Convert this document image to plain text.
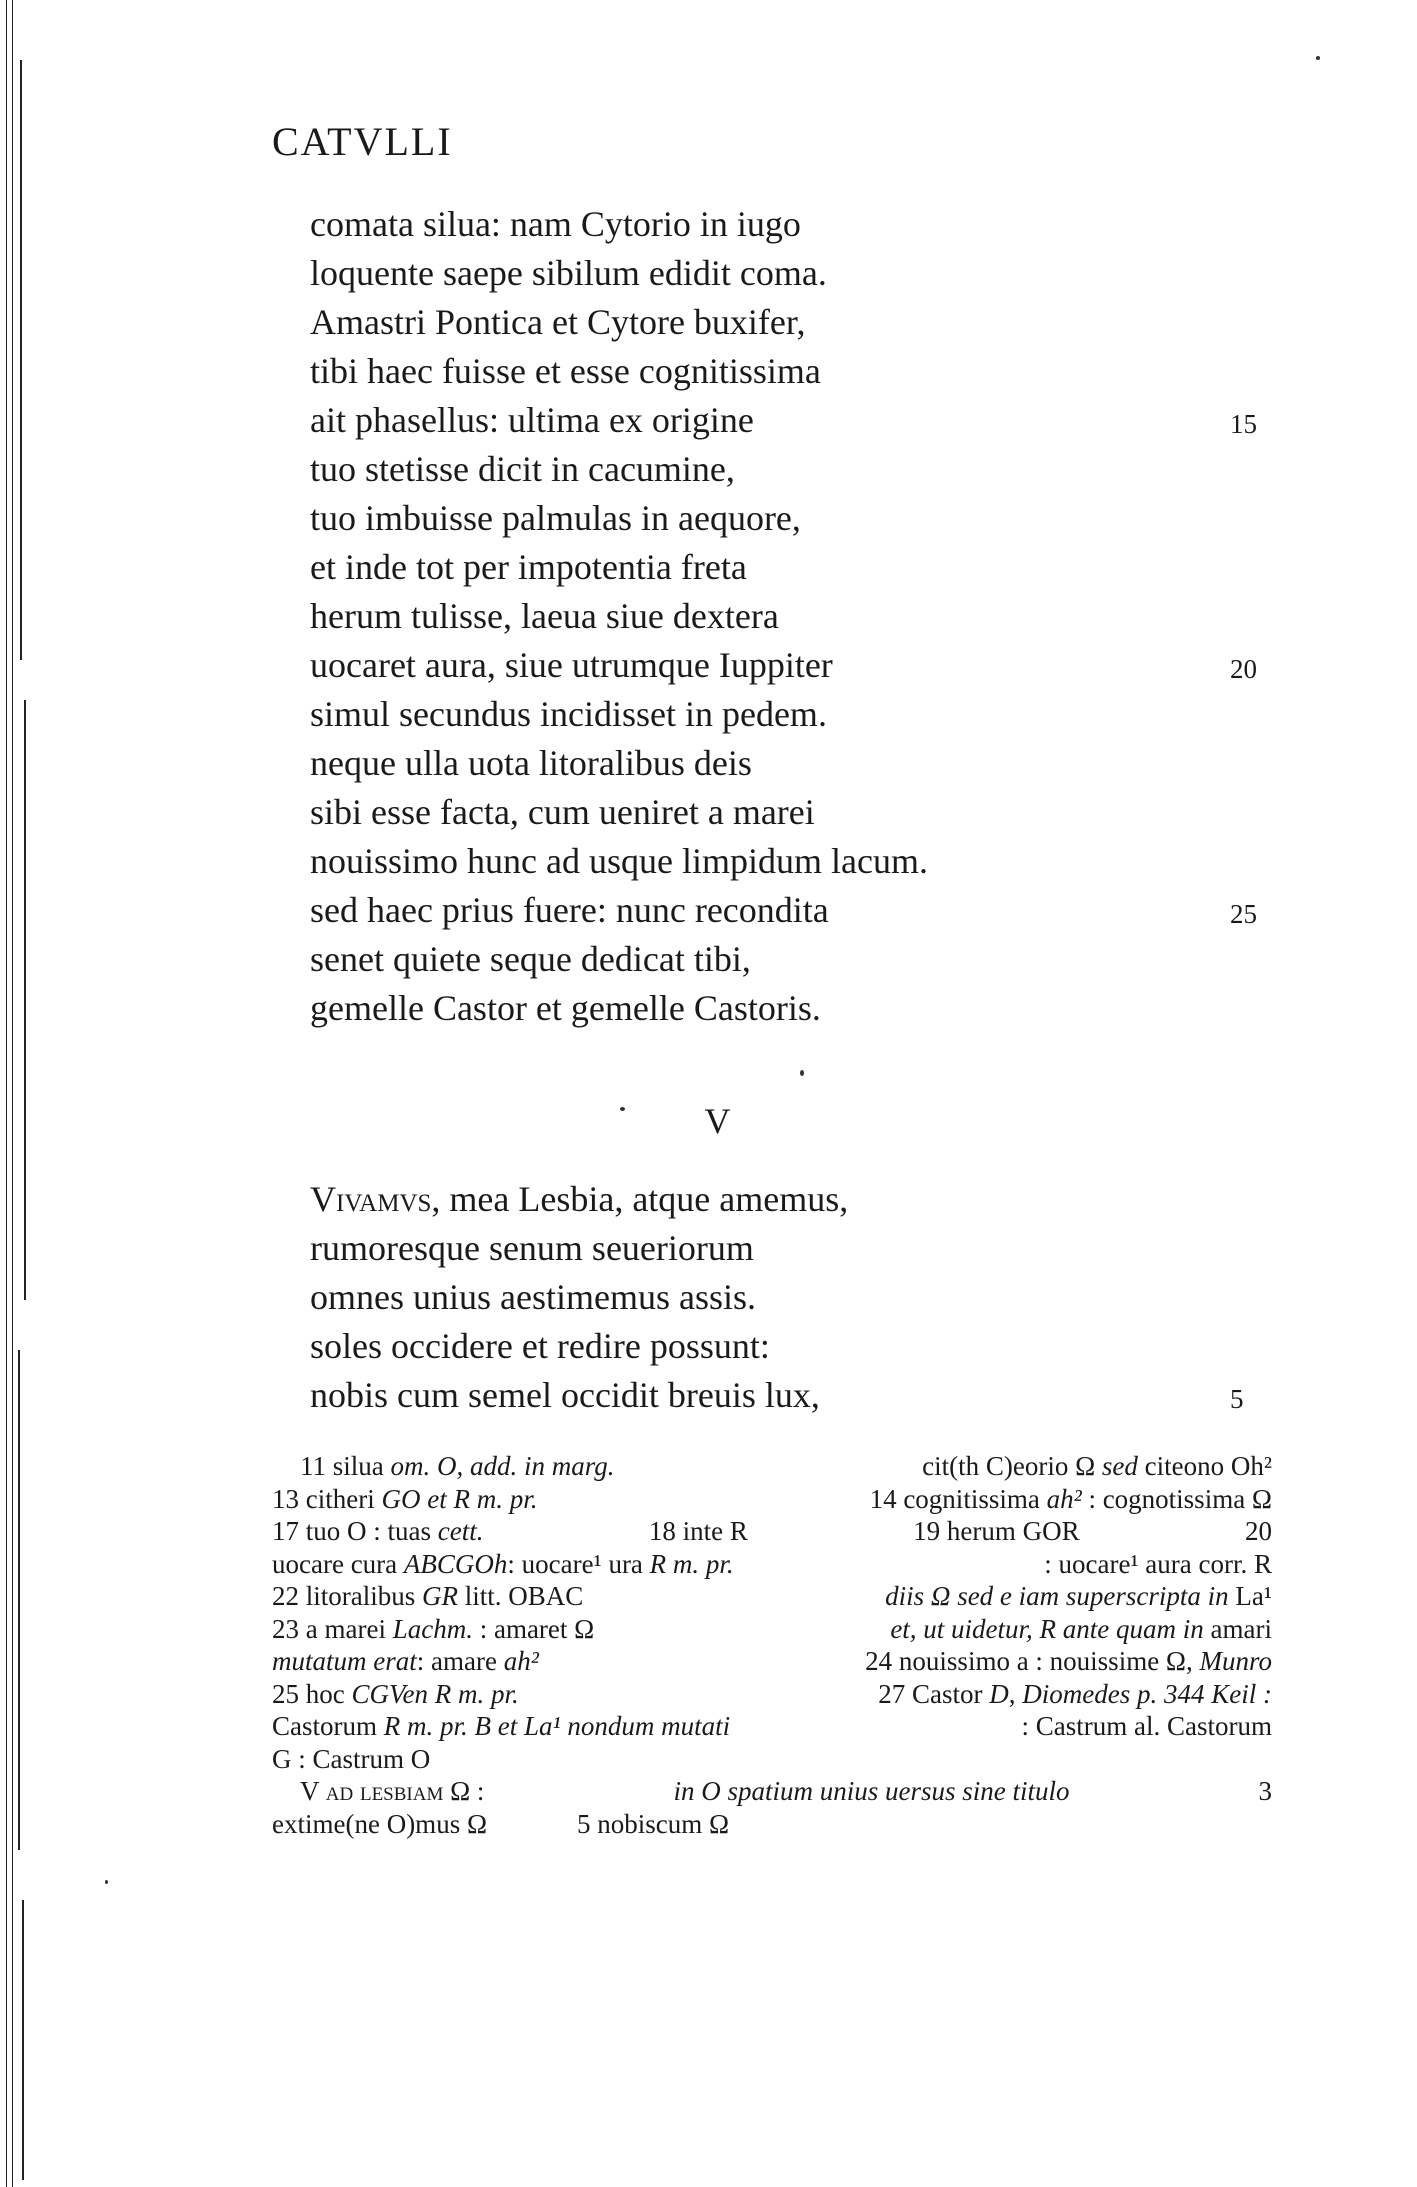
CATVLLI
comata silua: nam Cytorio in iugo
loquente saepe sibilum edidit coma.
Amastri Pontica et Cytore buxifer,
tibi haec fuisse et esse cognitissima
ait phasellus: ultima ex origine	15
tuo stetisse dicit in cacumine,
tuo imbuisse palmulas in aequore,
et inde tot per impotentia freta
herum tulisse, laeua siue dextera
uocaret aura, siue utrumque Iuppiter	20
simul secundus incidisset in pedem.
neque ulla uota litoralibus deis
sibi esse facta, cum ueniret a marei
nouissimo hunc ad usque limpidum lacum.
sed haec prius fuere: nunc recondita	25
senet quiete seque dedicat tibi,
gemelle Castor et gemelle Castoris.
V
Vivamvs, mea Lesbia, atque amemus,
rumoresque senum seueriorum
omnes unius aestimemus assis.
soles occidere et redire possunt:
nobis cum semel occidit breuis lux,	5
11 silua om. O, add. in marg.	cit(th C)eorio Ω sed citeono Oh²
13 citheri GO et R m. pr.	14 cognitissima ah² : cognotissima Ω
17 tuo O : tuas cett.	18 inte R	19 herum GOR	20
uocare cura ABCGOh: uocare¹ ura R m. pr.	: uocare¹ aura corr. R
22 litoralibus GR litt. OBAC	diis Ω sed e iam superscripta in La¹
23 a marei Lachm. : amaret Ω	et, ut uidetur, R ante quam in amari
mutatum erat: amare ah²	24 nouissimo a : nouissime Ω, Munro
25 hoc CGVen R m. pr.	27 Castor D, Diomedes p. 344 Keil :
Castorum R m. pr. B et La¹ nondum mutati	: Castrum al. Castorum
G : Castrum O
V ad lesbiam Ω :	in O spatium unius uersus sine titulo	3
extime(ne O)mus Ω	5 nobiscum Ω
